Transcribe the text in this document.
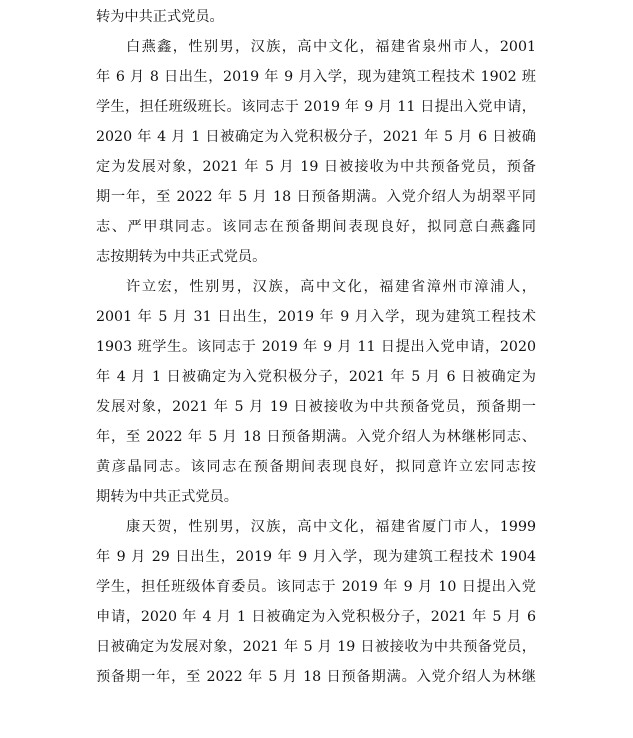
转为中共正式党员。
白燕鑫，性别男，汉族，高中文化，福建省泉州市人，2001
年 6 月 8 日出生，2019 年 9 月入学，现为建筑工程技术 1902 班
学生，担任班级班长。该同志于 2019 年 9 月 11 日提出入党申请，
2020 年 4 月 1 日被确定为入党积极分子，2021 年 5 月 6 日被确
定为发展对象，2021 年 5 月 19 日被接收为中共预备党员，预备
期一年，至 2022 年 5 月 18 日预备期满。入党介绍人为胡翠平同
志、严甲琪同志。该同志在预备期间表现良好，拟同意白燕鑫同
志按期转为中共正式党员。
许立宏，性别男，汉族，高中文化，福建省漳州市漳浦人，
2001 年 5 月 31 日出生，2019 年 9 月入学，现为建筑工程技术
1903 班学生。该同志于 2019 年 9 月 11 日提出入党申请，2020
年 4 月 1 日被确定为入党积极分子，2021 年 5 月 6 日被确定为
发展对象，2021 年 5 月 19 日被接收为中共预备党员，预备期一
年，至 2022 年 5 月 18 日预备期满。入党介绍人为林继彬同志、
黄彦晶同志。该同志在预备期间表现良好，拟同意许立宏同志按
期转为中共正式党员。
康天贺，性别男，汉族，高中文化，福建省厦门市人，1999
年 9 月 29 日出生，2019 年 9 月入学，现为建筑工程技术 1904
学生，担任班级体育委员。该同志于 2019 年 9 月 10 日提出入党
申请，2020 年 4 月 1 日被确定为入党积极分子，2021 年 5 月 6
日被确定为发展对象，2021 年 5 月 19 日被接收为中共预备党员，
预备期一年，至 2022 年 5 月 18 日预备期满。入党介绍人为林继
